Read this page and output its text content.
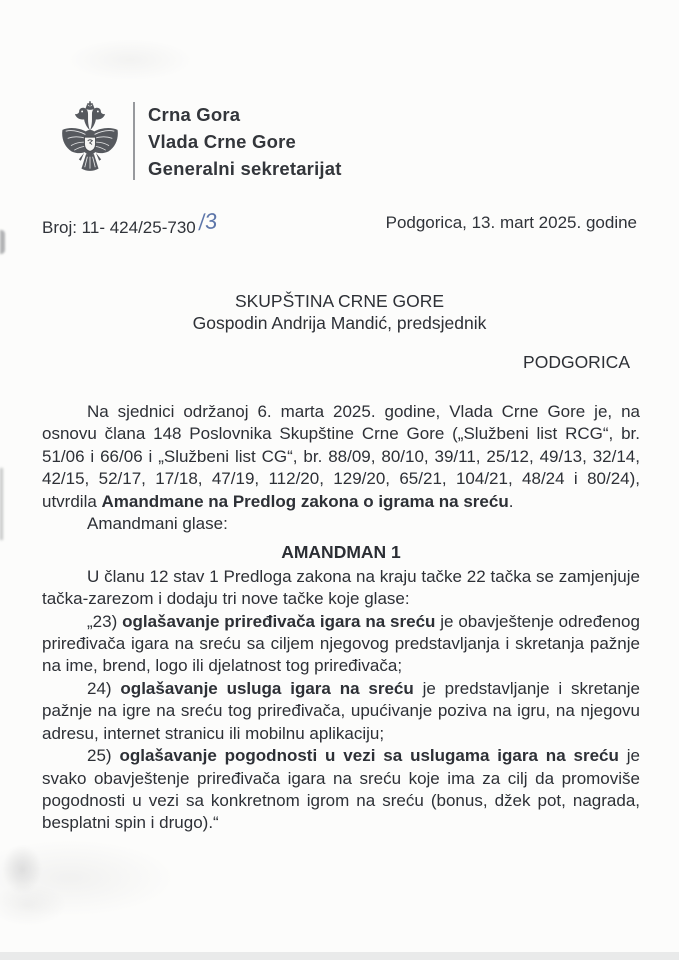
Crna Gora
Vlada Crne Gore
Generalni sekretarijat
Broj: 11- 424/25-730/3	Podgorica, 13. mart 2025. godine
SKUPŠTINA CRNE GORE
Gospodin Andrija Mandić, predsjednik
PODGORICA

Na sjednici održanoj 6. marta 2025. godine, Vlada Crne Gore je, na osnovu člana 148 Poslovnika Skupštine Crne Gore („Službeni list RCG“, br. 51/06 i 66/06 i „Službeni list CG“, br. 88/09, 80/10, 39/11, 25/12, 49/13, 32/14, 42/15, 52/17, 17/18, 47/19, 112/20, 129/20, 65/21, 104/21, 48/24 i 80/24), utvrdila Amandmane na Predlog zakona o igrama na sreću.

Amandmani glase:

AMANDMAN 1

U članu 12 stav 1 Predloga zakona na kraju tačke 22 tačka se zamjenjuje tačka-zarezom i dodaju tri nove tačke koje glase:

„23) oglašavanje priređivača igara na sreću je obavještenje određenog priređivača igara na sreću sa ciljem njegovog predstavljanja i skretanja pažnje na ime, brend, logo ili djelatnost tog priređivača;

24) oglašavanje usluga igara na sreću je predstavljanje i skretanje pažnje na igre na sreću tog priređivača, upućivanje poziva na igru, na njegovu adresu, internet stranicu ili mobilnu aplikaciju;

25) oglašavanje pogodnosti u vezi sa uslugama igara na sreću je svako obavještenje priređivača igara na sreću koje ima za cilj da promoviše pogodnosti u vezi sa konkretnom igrom na sreću (bonus, džek pot, nagrada, besplatni spin i drugo).“
